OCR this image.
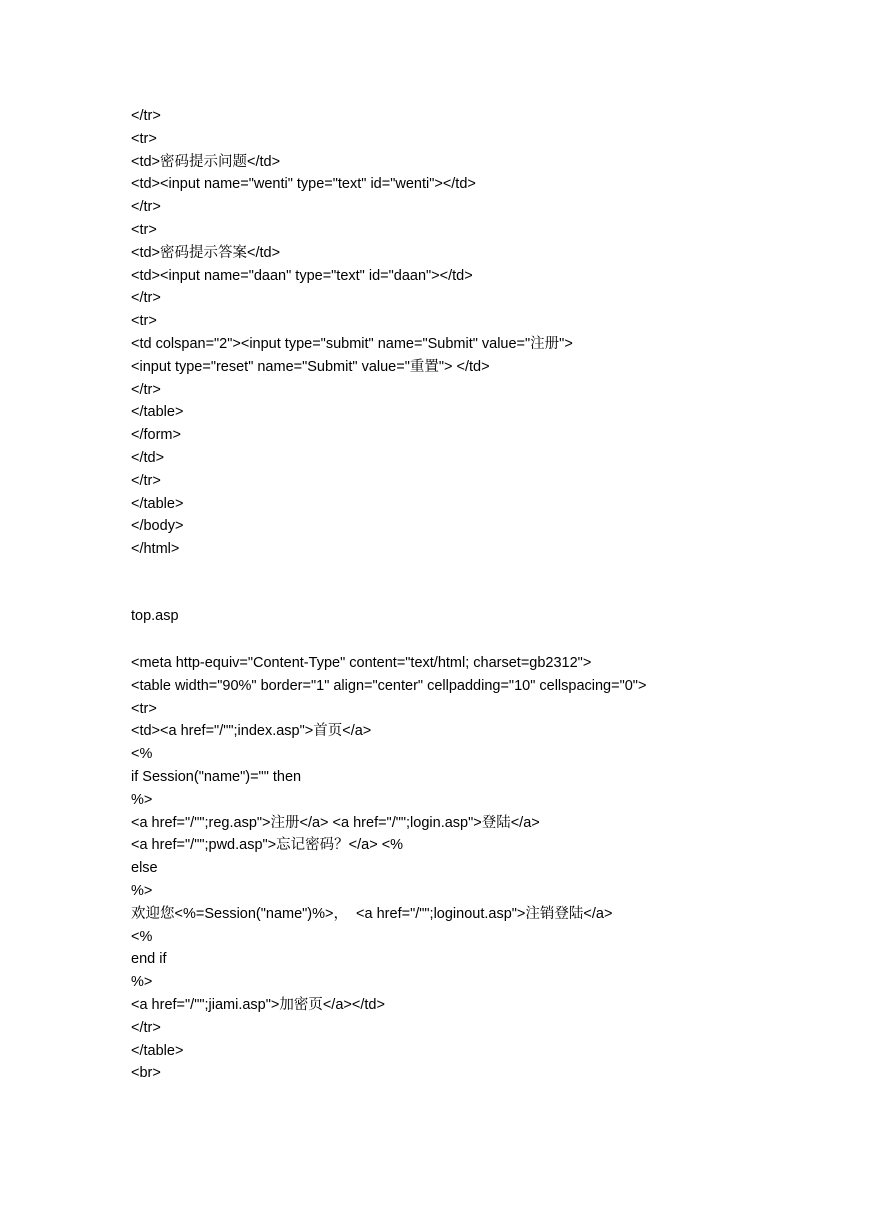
</tr>
<tr>
<td>密码提示问题</td>
<td><input name="wenti" type="text" id="wenti"></td>
</tr>
<tr>
<td>密码提示答案</td>
<td><input name="daan" type="text" id="daan"></td>
</tr>
<tr>
<td colspan="2"><input type="submit" name="Submit" value="注册">
<input type="reset" name="Submit" value="重置"> </td>
</tr>
</table>
</form>
</td>
</tr>
</table>
</body>
</html>
top.asp
<meta http-equiv="Content-Type" content="text/html; charset=gb2312">
<table width="90%" border="1" align="center" cellpadding="10" cellspacing="0">
<tr>
<td><a href="/"";index.asp">首页</a>
<%
if Session("name")="" then
%>
<a href="/"";reg.asp">注册</a> <a href="/"";login.asp">登陆</a>
<a href="/"";pwd.asp">忘记密码？</a> <%
else
%>
欢迎您<%=Session("name")%>，  <a href="/"";loginout.asp">注销登陆</a>
<%
end if
%>
<a href="/"";jiami.asp">加密页</a></td>
</tr>
</table>
<br>
